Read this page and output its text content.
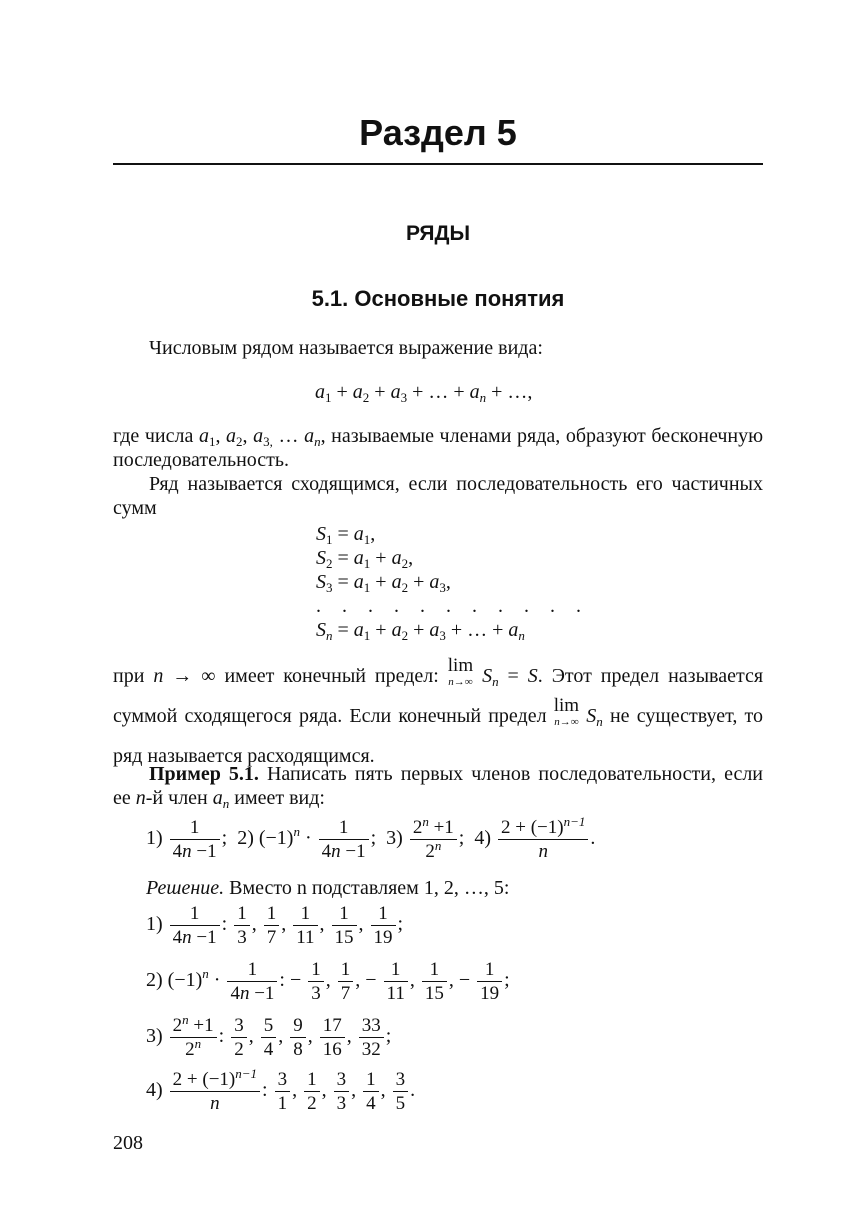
Раздел 5
РЯДЫ
5.1. Основные понятия
Числовым рядом называется выражение вида:
$a_1 + a_2 + a_3$ + … + $a_n$ + …,
где числа $a_1$, $a_2$, $a_{3,}$ … $a_n$, называемые членами ряда, образуют бесконечную последовательность.
Ряд называется сходящимся, если последовательность его частичных сумм
$S_1 = a_1$,
$S_2 = a_1 + a_2$,
$S_3 = a_1 + a_2 + a_3$,
. . . . . . . . . . .
$S_n = a_1 + a_2 + a_3$ + … + $a_n$
при n → ∞ имеет конечный предел: lim
n→∞ $S_n = S$. Этот предел называется суммой сходящегося ряда. Если конечный предел lim
n→∞ $S_n$ не существует, то ряд называется расходящимся.
Пример 5.1. Написать пять первых членов последовательности, если ее n-й член $a_n$ имеет вид:
$1) \frac{1}{4n -1}$ ;  2) $(-1)^n \cdot \frac{1}{4n -1}$ ;  $3) \frac{2^n +1}{2^n}$ ;  $4) \frac{2 + (-1)^{n-1}}{n}$ .
Решение. Вместо n подставляем 1, 2, …, 5:
$1) \frac{1}{4n -1}$ : $\frac{1}{3}$ , $\frac{1}{7}$ , $\frac{1}{11}$ , $\frac{1}{15}$ , $\frac{1}{19}$ ;
2) $(-1)^n \cdot \frac{1}{4n -1}$ : − $\frac{1}{3}$ , $\frac{1}{7}$ , − $\frac{1}{11}$ , $\frac{1}{15}$ , − $\frac{1}{19}$ ;
$3) \frac{2^n +1}{2^n}$ : $\frac{3}{2}$ , $\frac{5}{4}$ , $\frac{9}{8}$ , $\frac{17}{16}$ , $\frac{33}{32}$ ;
$4) \frac{2 + (-1)^{n-1}}{n}$ : $\frac{3}{1}$ , $\frac{1}{2}$ , $\frac{3}{3}$ , $\frac{1}{4}$ , $\frac{3}{5}$ .
208
